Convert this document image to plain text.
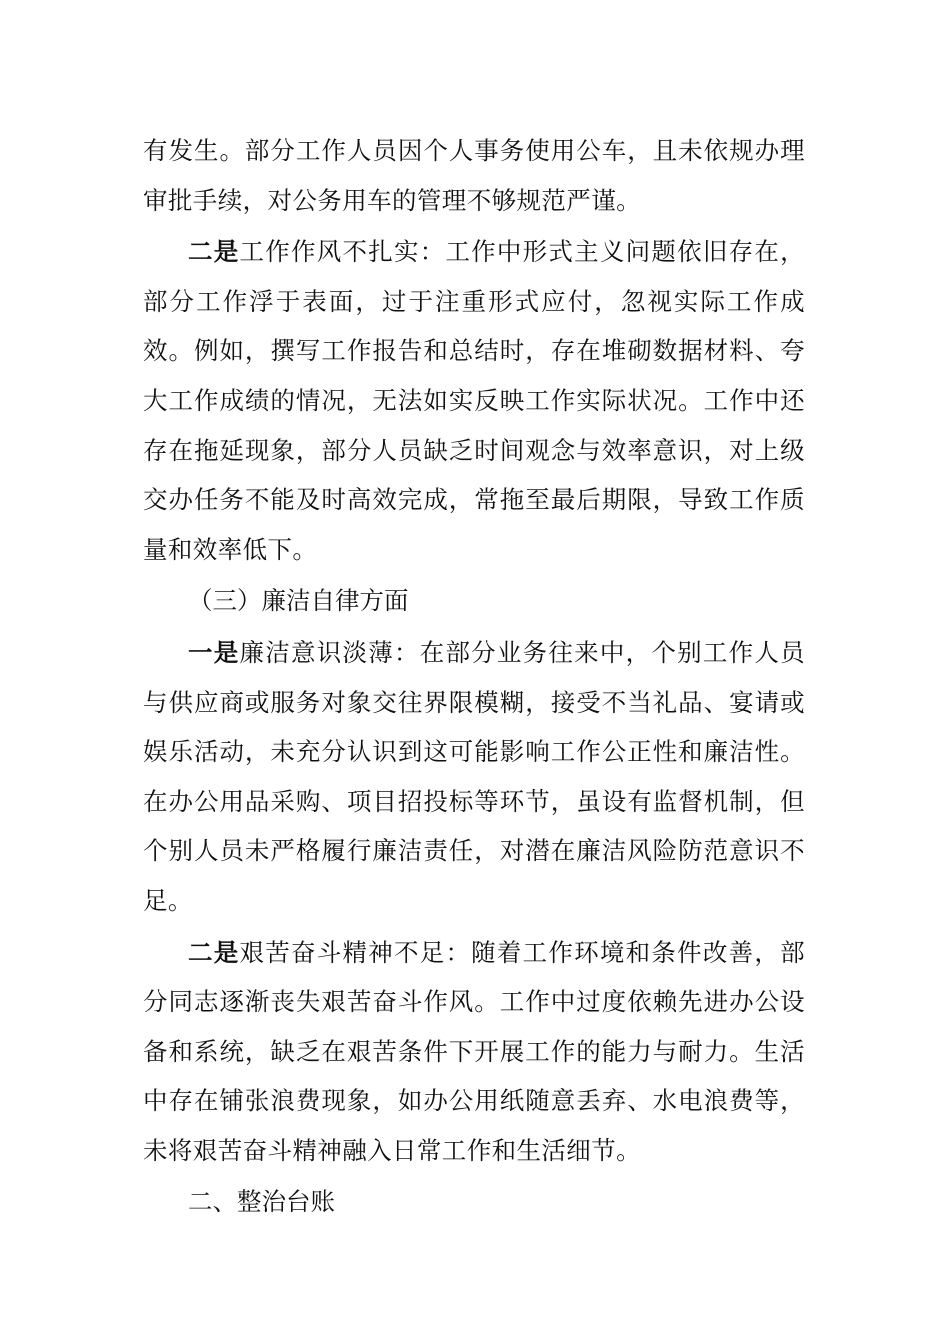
有发生。部分工作人员因个人事务使用公车，且未依规办理审批手续，对公务用车的管理不够规范严谨。

二是工作作风不扎实：工作中形式主义问题依旧存在，部分工作浮于表面，过于注重形式应付，忽视实际工作成效。例如，撰写工作报告和总结时，存在堆砌数据材料、夸大工作成绩的情况，无法如实反映工作实际状况。工作中还存在拖延现象，部分人员缺乏时间观念与效率意识，对上级交办任务不能及时高效完成，常拖至最后期限，导致工作质量和效率低下。

（三）廉洁自律方面

一是廉洁意识淡薄：在部分业务往来中，个别工作人员与供应商或服务对象交往界限模糊，接受不当礼品、宴请或娱乐活动，未充分认识到这可能影响工作公正性和廉洁性。在办公用品采购、项目招投标等环节，虽设有监督机制，但个别人员未严格履行廉洁责任，对潜在廉洁风险防范意识不足。

二是艰苦奋斗精神不足：随着工作环境和条件改善，部分同志逐渐丧失艰苦奋斗作风。工作中过度依赖先进办公设备和系统，缺乏在艰苦条件下开展工作的能力与耐力。生活中存在铺张浪费现象，如办公用纸随意丢弃、水电浪费等，未将艰苦奋斗精神融入日常工作和生活细节。

二、整治台账
